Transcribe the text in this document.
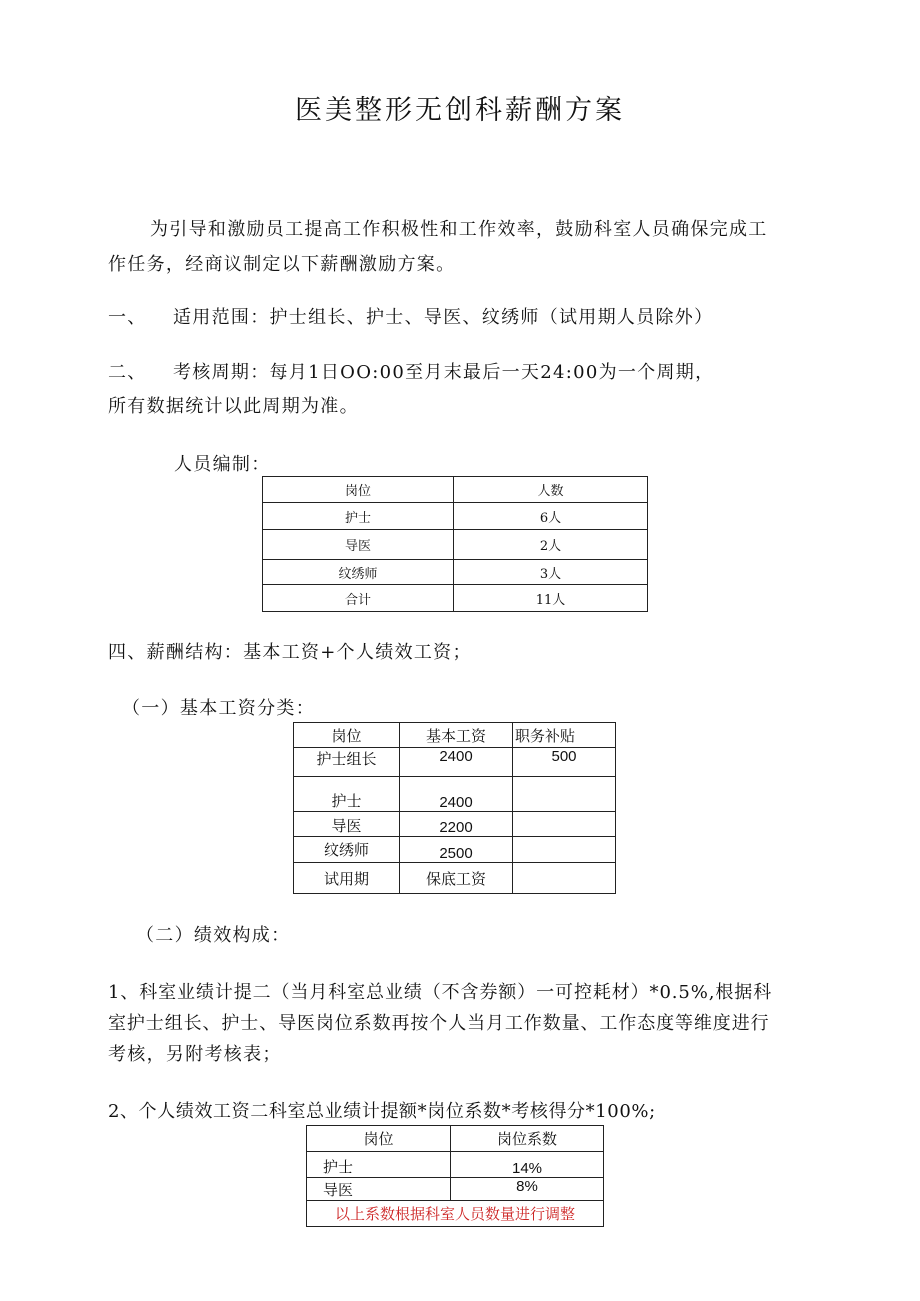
医美整形无创科薪酬方案
为引导和激励员工提高工作积极性和工作效率，鼓励科室人员确保完成工
作任务，经商议制定以下薪酬激励方案。
一、 适用范围：护士组长、护士、导医、纹绣师（试用期人员除外）
二、 考核周期：每月1日OO:00至月末最后一天24:00为一个周期，
所有数据统计以此周期为准。
人员编制：
岗位	人数
护士	6人
导医	2人
纹绣师	3人
合计	11人
四、薪酬结构：基本工资+个人绩效工资；
（一）基本工资分类：
岗位	基本工资	职务补贴
护士组长	2400	500
护士	2400	
导医	2200	
纹绣师	2500	
试用期	保底工资	
（二）绩效构成：
1、科室业绩计提二（当月科室总业绩（不含券额）一可控耗材）*0.5%,根据科
室护士组长、护士、导医岗位系数再按个人当月工作数量、工作态度等维度进行
考核，另附考核表；
2、个人绩效工资二科室总业绩计提额*岗位系数*考核得分*100%;
岗位	岗位系数
护士	14%
导医	8%
以上系数根据科室人员数量进行调整	
